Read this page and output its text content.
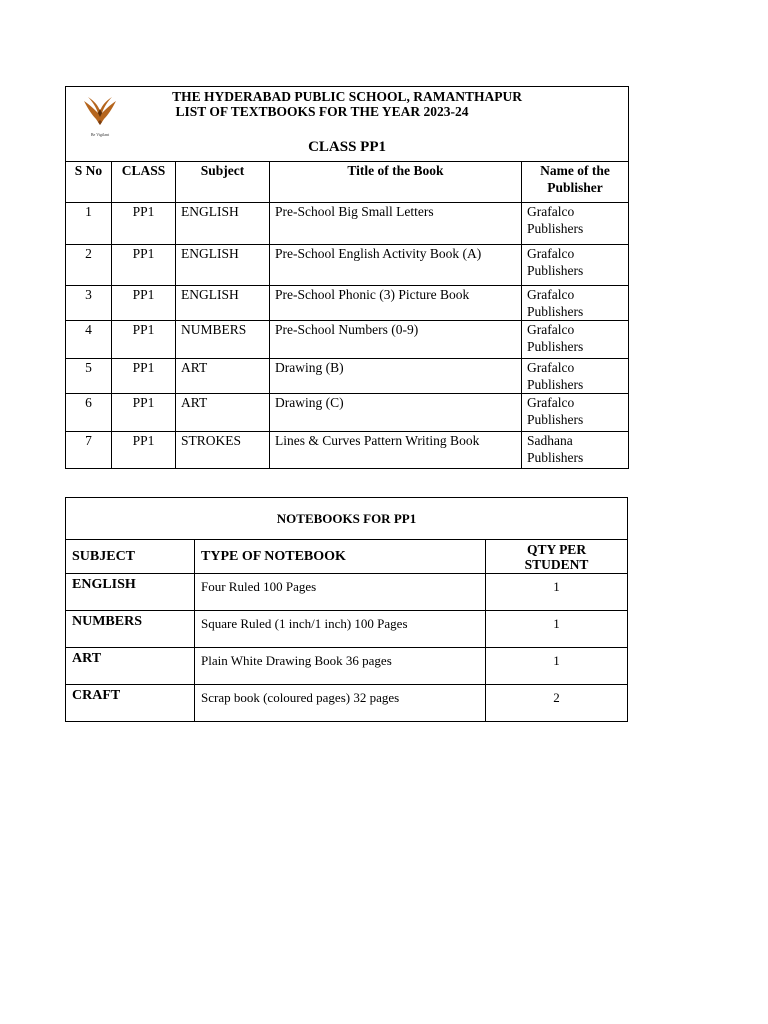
Be Vigilant
THE HYDERABAD PUBLIC SCHOOL, RAMANTHAPUR
LIST OF TEXTBOOKS FOR THE YEAR 2023-24
CLASS PP1				

S No	CLASS	Subject	Title of the Book	Name of the
Publisher
1	PP1	ENGLISH	Pre-School Big Small Letters	Grafalco
Publishers
2	PP1	ENGLISH	Pre-School English Activity Book (A)	Grafalco
Publishers
3	PP1	ENGLISH	Pre-School Phonic (3) Picture Book	Grafalco
Publishers
4	PP1	NUMBERS	Pre-School Numbers (0-9)	Grafalco
Publishers
5	PP1	ART	Drawing (B)	Grafalco
Publishers
6	PP1	ART	Drawing (C)	Grafalco
Publishers
7	PP1	STROKES	Lines & Curves Pattern Writing Book	Sadhana
Publishers
NOTEBOOKS FOR PP1		
SUBJECT	TYPE OF NOTEBOOK	QTY PER
STUDENT
ENGLISH	Four Ruled 100 Pages	1
NUMBERS	Square Ruled (1 inch/1 inch) 100 Pages	1
ART	Plain White Drawing Book 36 pages	1
CRAFT	Scrap book (coloured pages) 32 pages	2
